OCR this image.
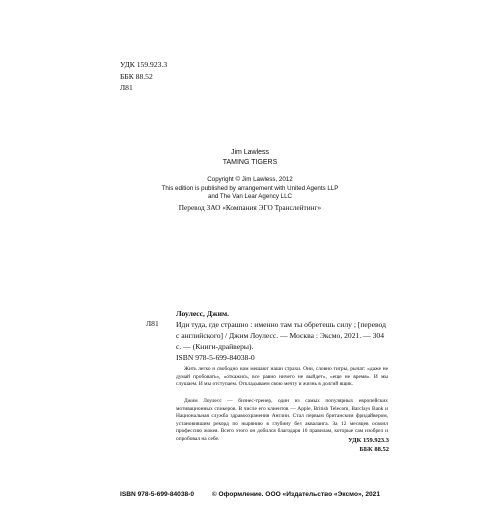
УДК 159.923.3
ББК 88.52
Л81
Jim Lawless
TAMING TIGERS
Copyright © Jim Lawless, 2012
This edition is published by arrangement with United Agents LLP
and The Van Lear Agency LLC
Перевод ЗАО «Компания ЭГО Транслейтинг»
Лоулесс, Джим.
Л81 Иди туда, где страшно : именно там ты обретешь силу ; [перевод с английского] / Джим Лоулесс. — Москва : Эксмо, 2021. — 304 с. — (Книги-драйверы).
ISBN 978-5-699-84038-0

Жить легко и свободно нам мешают наши страхи. Они, словно тигры, рычат: «даже не думай пробовать», «откажись, все равно ничего не выйдет», «еще не время». И мы слушаем. И мы отступаем. Откладываем свою мечту и жизнь в долгий ящик.

Джим Лоулесс — бизнес-тренер, один из самых популярных европейских мотивационных спикеров. В числе его клиентов — Apple, British Telecom, Barclays Bank и Национальная служба здравоохранения Англии. Стал первым британским фридайвером, установившим рекорд по нырянию в глубину без акваланга. За 12 месяцев освоил профессию жокея. Всего этого он добился благодаря 10 правилам, которые сам изобрел и опробовал на себе.	УДК 159.923.3
ББК 88.52
ISBN 978-5-699-84038-0	© Оформление. ООО «Издательство «Эксмо», 2021
